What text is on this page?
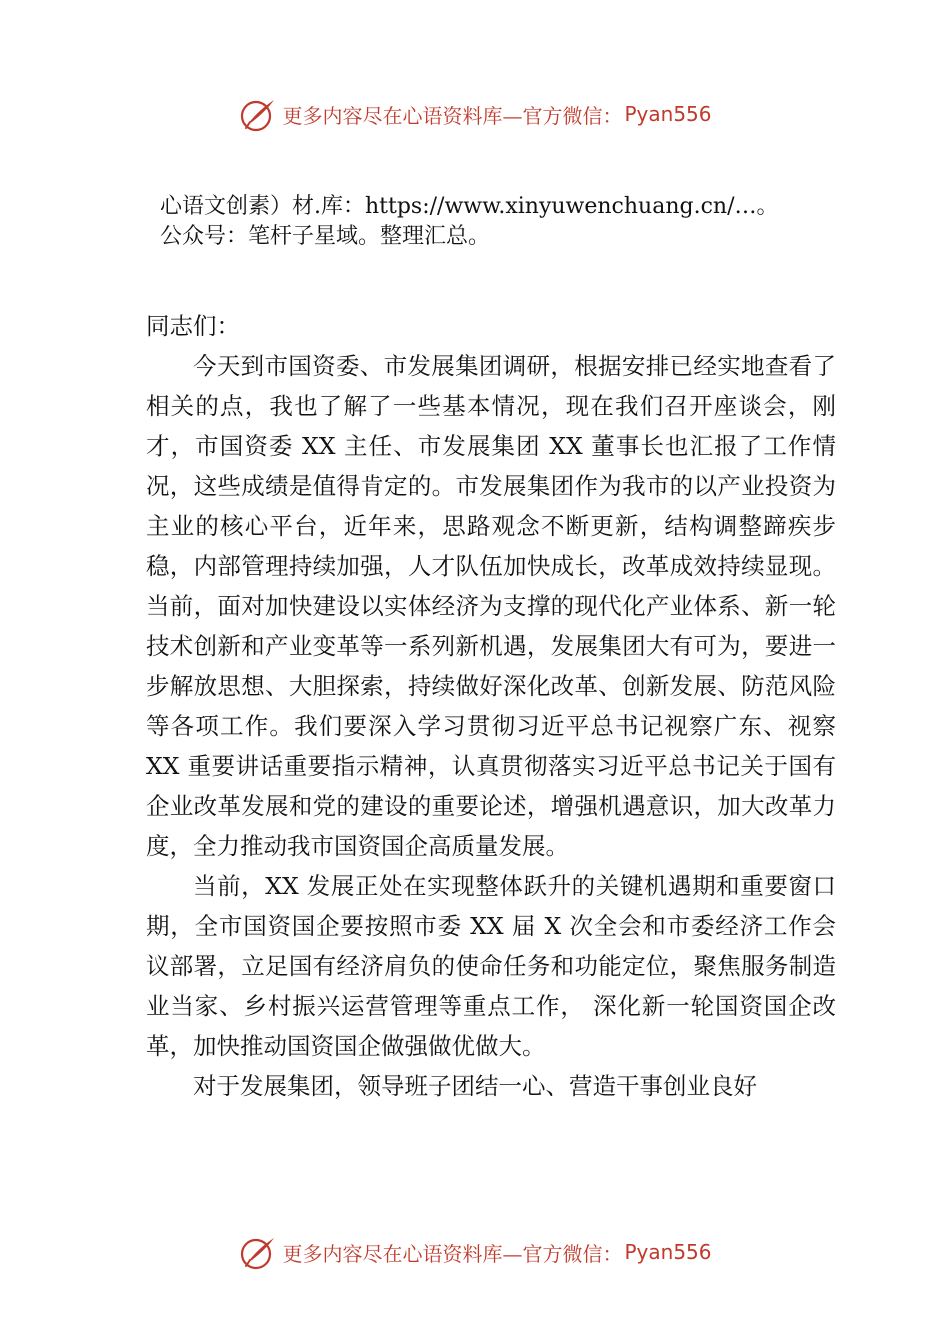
更多内容尽在心语资料库 —官方微信： Pyan556
心语文创素）材.库：https://www.xinyuwenchuang.cn/…。
公众号：笔杆子星域。整理汇总。

同志们：

今天到市国资委、市发展集团调研，根据安排已经实地查看了相关的点，我也了解了一些基本情况，现在我们召开座谈会，刚才，市国资委 XX 主任、市发展集团 XX 董事长也汇报了工作情况，这些成绩是值得肯定的。市发展集团作为我市的以产业投资为主业的核心平台，近年来，思路观念不断更新，结构调整蹄疾步稳，内部管理持续加强，人才队伍加快成长，改革成效持续显现。当前，面对加快建设以实体经济为支撑的现代化产业体系、新一轮技术创新和产业变革等一系列新机遇，发展集团大有可为，要进一步解放思想、大胆探索，持续做好深化改革、创新发展、防范风险等各项工作。我们要深入学习贯彻习近平总书记视察广东、视察 XX 重要讲话重要指示精神，认真贯彻落实习近平总书记关于国有企业改革发展和党的建设的重要论述，增强机遇意识，加大改革力度，全力推动我市国资国企高质量发展。

当前，XX 发展正处在实现整体跃升的关键机遇期和重要窗口期，全市国资国企要按照市委 XX 届 X 次全会和市委经济工作会议部署，立足国有经济肩负的使命任务和功能定位，聚焦服务制造业当家、乡村振兴运营管理等重点工作， 深化新一轮国资国企改革，加快推动国资国企做强做优做大。

对于发展集团，领导班子团结一心、营造干事创业良好

更多内容尽在心语资料库 —官方微信： Pyan556
